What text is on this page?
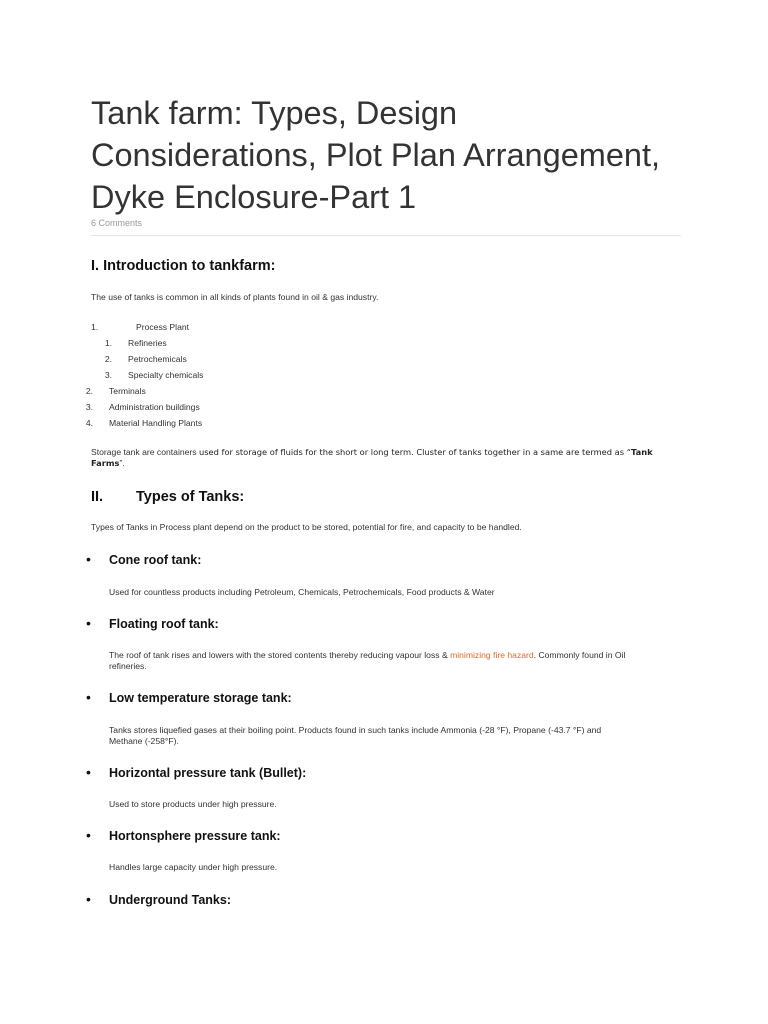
Tank farm: Types, Design Considerations, Plot Plan Arrangement, Dyke Enclosure-Part 1
6 Comments
I. Introduction to tankfarm:
The use of tanks is common in all kinds of plants found in oil & gas industry.
1.	Process Plant
1. Refineries
2. Petrochemicals
3. Specialty chemicals
2. Terminals
3. Administration buildings
4. Material Handling Plants
Storage tank are containers used for storage of fluids for the short or long term. Cluster of tanks together in a same are termed as “Tank Farms”.
II. Types of Tanks:
Types of Tanks in Process plant depend on the product to be stored, potential for fire, and capacity to be handled.
• Cone roof tank:
Used for countless products including Petroleum, Chemicals, Petrochemicals, Food products & Water
• Floating roof tank:
The roof of tank rises and lowers with the stored contents thereby reducing vapour loss & minimizing fire hazard. Commonly found in Oil
refineries.
• Low temperature storage tank:
Tanks stores liquefied gases at their boiling point. Products found in such tanks include Ammonia (-28 °F), Propane (-43.7 °F) and
Methane (-258°F).
• Horizontal pressure tank (Bullet):
Used to store products under high pressure.
• Hortonsphere pressure tank:
Handles large capacity under high pressure.
• Underground Tanks:
